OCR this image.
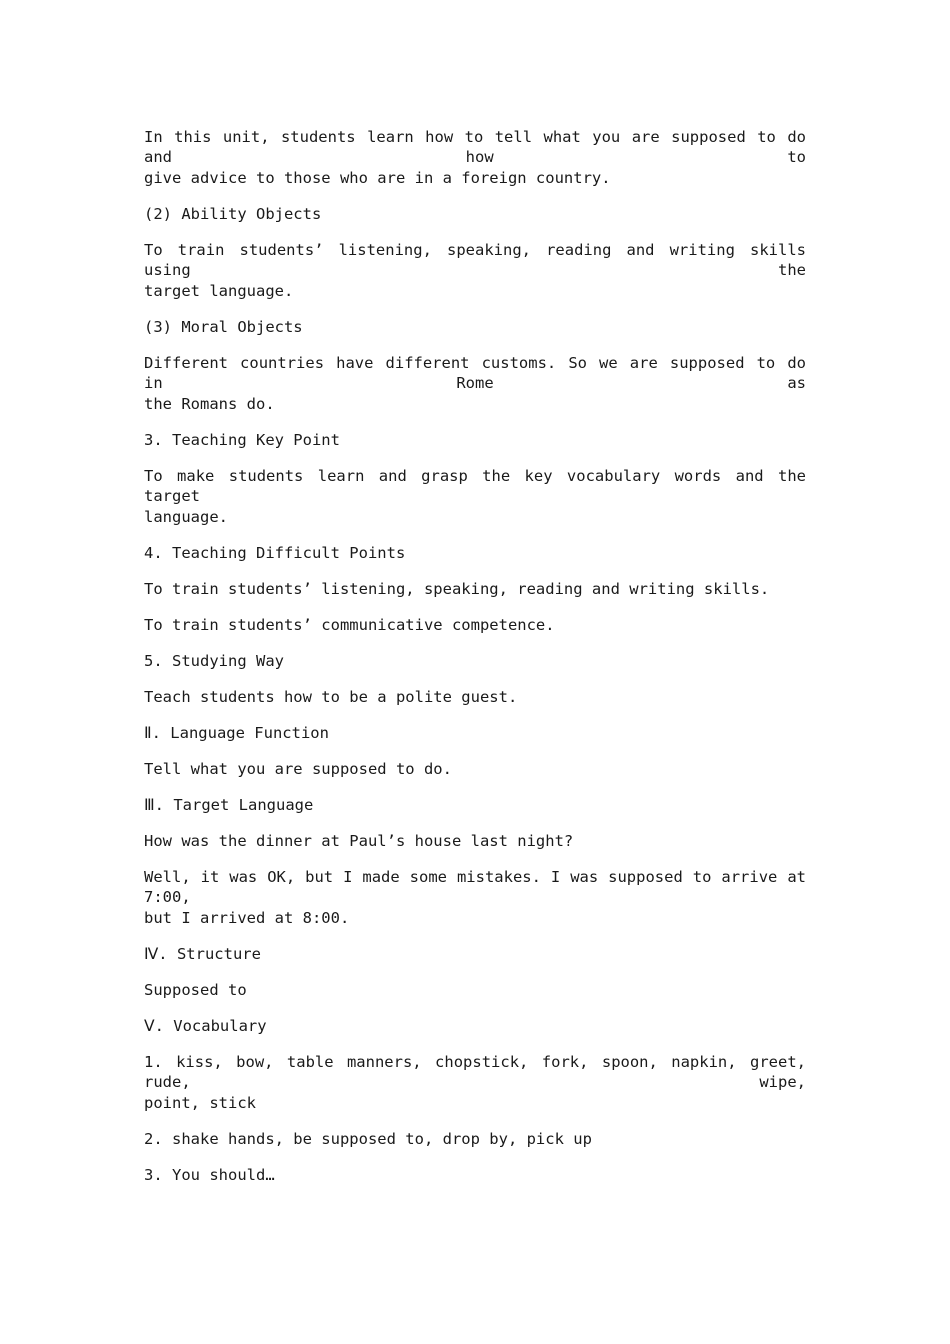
In this unit, students learn how to tell what you are supposed to do and how to
give advice to those who are in a foreign country.
(2) Ability Objects
To train students’ listening, speaking, reading and writing skills using the
target language.
(3) Moral Objects
Different countries have different customs. So we are supposed to do in Rome as
the Romans do.
3. Teaching Key Point
To make students learn and grasp the key vocabulary words and the target
language.
4. Teaching Difficult Points
To train students’ listening, speaking, reading and writing skills.
To train students’ communicative competence.
5. Studying Way
Teach students how to be a polite guest.
Ⅱ. Language Function
Tell what you are supposed to do.
Ⅲ. Target Language
How was the dinner at Paul’s house last night?
Well, it was OK, but I made some mistakes. I was supposed to arrive at 7:00,
but I arrived at 8:00.
Ⅳ. Structure
Supposed to
Ⅴ. Vocabulary
1. kiss, bow, table manners, chopstick, fork, spoon, napkin, greet, rude, wipe,
point, stick
2. shake hands, be supposed to, drop by, pick up
3. You should…
